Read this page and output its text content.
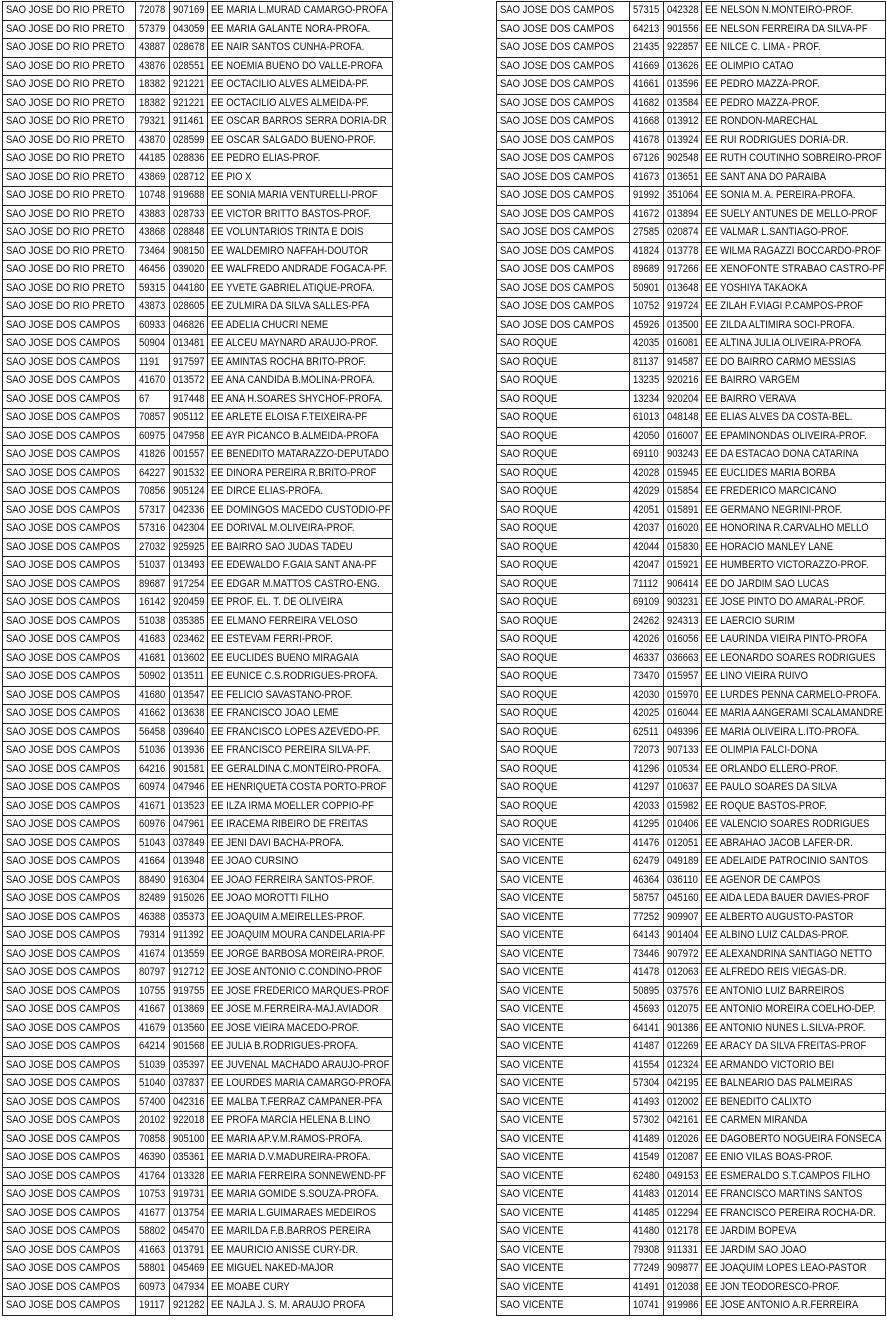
SAO JOSE DO RIO PRETO	72078	907169	EE MARIA L.MURAD CAMARGO-PROFA
SAO JOSE DO RIO PRETO	57379	043059	EE MARIA GALANTE NORA-PROFA.
SAO JOSE DO RIO PRETO	43887	028678	EE NAIR SANTOS CUNHA-PROFA.
SAO JOSE DO RIO PRETO	43876	028551	EE NOEMIA BUENO DO VALLE-PROFA
SAO JOSE DO RIO PRETO	18382	921221	EE OCTACILIO ALVES ALMEIDA-PF.
SAO JOSE DO RIO PRETO	18382	921221	EE OCTACILIO ALVES ALMEIDA-PF.
SAO JOSE DO RIO PRETO	79321	911461	EE OSCAR BARROS SERRA DORIA-DR
SAO JOSE DO RIO PRETO	43870	028599	EE OSCAR SALGADO BUENO-PROF.
SAO JOSE DO RIO PRETO	44185	028836	EE PEDRO ELIAS-PROF.
SAO JOSE DO RIO PRETO	43869	028712	EE PIO X
SAO JOSE DO RIO PRETO	10748	919688	EE SONIA MARIA VENTURELLI-PROF
SAO JOSE DO RIO PRETO	43883	028733	EE VICTOR BRITTO BASTOS-PROF.
SAO JOSE DO RIO PRETO	43868	028848	EE VOLUNTARIOS TRINTA E DOIS
SAO JOSE DO RIO PRETO	73464	908150	EE WALDEMIRO NAFFAH-DOUTOR
SAO JOSE DO RIO PRETO	46456	039020	EE WALFREDO ANDRADE FOGACA-PF.
SAO JOSE DO RIO PRETO	59315	044180	EE YVETE GABRIEL ATIQUE-PROFA.
SAO JOSE DO RIO PRETO	43873	028605	EE ZULMIRA DA SILVA SALLES-PFA
SAO JOSE DOS CAMPOS	60933	046826	EE ADELIA CHUCRI NEME
SAO JOSE DOS CAMPOS	50904	013481	EE ALCEU MAYNARD ARAUJO-PROF.
SAO JOSE DOS CAMPOS	1191	917597	EE AMINTAS ROCHA BRITO-PROF.
SAO JOSE DOS CAMPOS	41670	013572	EE ANA CANDIDA B.MOLINA-PROFA.
SAO JOSE DOS CAMPOS	67	917448	EE ANA H.SOARES SHYCHOF-PROFA.
SAO JOSE DOS CAMPOS	70857	905112	EE ARLETE ELOISA F.TEIXEIRA-PF
SAO JOSE DOS CAMPOS	60975	047958	EE AYR PICANCO B.ALMEIDA-PROFA
SAO JOSE DOS CAMPOS	41826	001557	EE BENEDITO MATARAZZO-DEPUTADO
SAO JOSE DOS CAMPOS	64227	901532	EE DINORA PEREIRA R.BRITO-PROF
SAO JOSE DOS CAMPOS	70856	905124	EE DIRCE ELIAS-PROFA.
SAO JOSE DOS CAMPOS	57317	042336	EE DOMINGOS MACEDO CUSTODIO-PF
SAO JOSE DOS CAMPOS	57316	042304	EE DORIVAL M.OLIVEIRA-PROF.
SAO JOSE DOS CAMPOS	27032	925925	EE BAIRRO SAO JUDAS TADEU
SAO JOSE DOS CAMPOS	51037	013493	EE EDEWALDO F.GAIA SANT ANA-PF
SAO JOSE DOS CAMPOS	89687	917254	EE EDGAR M.MATTOS CASTRO-ENG.
SAO JOSE DOS CAMPOS	16142	920459	EE PROF. EL. T. DE OLIVEIRA
SAO JOSE DOS CAMPOS	51038	035385	EE ELMANO FERREIRA VELOSO
SAO JOSE DOS CAMPOS	41683	023462	EE ESTEVAM FERRI-PROF.
SAO JOSE DOS CAMPOS	41681	013602	EE EUCLIDES BUENO MIRAGAIA
SAO JOSE DOS CAMPOS	50902	013511	EE EUNICE C.S.RODRIGUES-PROFA.
SAO JOSE DOS CAMPOS	41680	013547	EE FELICIO SAVASTANO-PROF.
SAO JOSE DOS CAMPOS	41662	013638	EE FRANCISCO JOAO LEME
SAO JOSE DOS CAMPOS	56458	039640	EE FRANCISCO LOPES AZEVEDO-PF.
SAO JOSE DOS CAMPOS	51036	013936	EE FRANCISCO PEREIRA SILVA-PF.
SAO JOSE DOS CAMPOS	64216	901581	EE GERALDINA C.MONTEIRO-PROFA.
SAO JOSE DOS CAMPOS	60974	047946	EE HENRIQUETA COSTA PORTO-PROF
SAO JOSE DOS CAMPOS	41671	013523	EE ILZA IRMA MOELLER COPPIO-PF
SAO JOSE DOS CAMPOS	60976	047961	EE IRACEMA RIBEIRO DE FREITAS
SAO JOSE DOS CAMPOS	51043	037849	EE JENI DAVI BACHA-PROFA.
SAO JOSE DOS CAMPOS	41664	013948	EE JOAO CURSINO
SAO JOSE DOS CAMPOS	88490	916304	EE JOAO FERREIRA SANTOS-PROF.
SAO JOSE DOS CAMPOS	82489	915026	EE JOAO MOROTTI FILHO
SAO JOSE DOS CAMPOS	46388	035373	EE JOAQUIM A.MEIRELLES-PROF.
SAO JOSE DOS CAMPOS	79314	911392	EE JOAQUIM MOURA CANDELARIA-PF
SAO JOSE DOS CAMPOS	41674	013559	EE JORGE BARBOSA MOREIRA-PROF.
SAO JOSE DOS CAMPOS	80797	912712	EE JOSE ANTONIO C.CONDINO-PROF
SAO JOSE DOS CAMPOS	10755	919755	EE JOSE FREDERICO MARQUES-PROF
SAO JOSE DOS CAMPOS	41667	013869	EE JOSE M.FERREIRA-MAJ.AVIADOR
SAO JOSE DOS CAMPOS	41679	013560	EE JOSE VIEIRA MACEDO-PROF.
SAO JOSE DOS CAMPOS	64214	901568	EE JULIA B.RODRIGUES-PROFA.
SAO JOSE DOS CAMPOS	51039	035397	EE JUVENAL MACHADO ARAUJO-PROF
SAO JOSE DOS CAMPOS	51040	037837	EE LOURDES MARIA CAMARGO-PROFA
SAO JOSE DOS CAMPOS	57400	042316	EE MALBA T.FERRAZ CAMPANER-PFA
SAO JOSE DOS CAMPOS	20102	922018	EE PROFA MARCIA HELENA B.LINO
SAO JOSE DOS CAMPOS	70858	905100	EE MARIA AP.V.M.RAMOS-PROFA.
SAO JOSE DOS CAMPOS	46390	035361	EE MARIA D.V.MADUREIRA-PROFA.
SAO JOSE DOS CAMPOS	41764	013328	EE MARIA FERREIRA SONNEWEND-PF
SAO JOSE DOS CAMPOS	10753	919731	EE MARIA GOMIDE S.SOUZA-PROFA.
SAO JOSE DOS CAMPOS	41677	013754	EE MARIA L.GUIMARAES MEDEIROS
SAO JOSE DOS CAMPOS	58802	045470	EE MARILDA F.B.BARROS PEREIRA
SAO JOSE DOS CAMPOS	41663	013791	EE MAURICIO ANISSE CURY-DR.
SAO JOSE DOS CAMPOS	58801	045469	EE MIGUEL NAKED-MAJOR
SAO JOSE DOS CAMPOS	60973	047934	EE MOABE CURY
SAO JOSE DOS CAMPOS	19117	921282	EE NAJLA J. S. M. ARAUJO PROFA
SAO JOSE DOS CAMPOS	57315	042328	EE NELSON N.MONTEIRO-PROF.
SAO JOSE DOS CAMPOS	64213	901556	EE NELSON FERREIRA DA SILVA-PF
SAO JOSE DOS CAMPOS	21435	922857	EE NILCE C. LIMA - PROF.
SAO JOSE DOS CAMPOS	41669	013626	EE OLIMPIO CATAO
SAO JOSE DOS CAMPOS	41661	013596	EE PEDRO MAZZA-PROF.
SAO JOSE DOS CAMPOS	41682	013584	EE PEDRO MAZZA-PROF.
SAO JOSE DOS CAMPOS	41668	013912	EE RONDON-MARECHAL
SAO JOSE DOS CAMPOS	41678	013924	EE RUI RODRIGUES DORIA-DR.
SAO JOSE DOS CAMPOS	67126	902548	EE RUTH COUTINHO SOBREIRO-PROF
SAO JOSE DOS CAMPOS	41673	013651	EE SANT ANA DO PARAIBA
SAO JOSE DOS CAMPOS	91992	351064	EE SONIA M. A. PEREIRA-PROFA.
SAO JOSE DOS CAMPOS	41672	013894	EE SUELY ANTUNES DE MELLO-PROF
SAO JOSE DOS CAMPOS	27585	020874	EE VALMAR L.SANTIAGO-PROF.
SAO JOSE DOS CAMPOS	41824	013778	EE WILMA RAGAZZI BOCCARDO-PROF
SAO JOSE DOS CAMPOS	89689	917266	EE XENOFONTE STRABAO CASTRO-PF
SAO JOSE DOS CAMPOS	50901	013648	EE YOSHIYA TAKAOKA
SAO JOSE DOS CAMPOS	10752	919724	EE ZILAH F.VIAGI P.CAMPOS-PROF
SAO JOSE DOS CAMPOS	45926	013500	EE ZILDA ALTIMIRA SOCI-PROFA.
SAO ROQUE	42035	016081	EE ALTINA JULIA OLIVEIRA-PROFA
SAO ROQUE	81137	914587	EE DO BAIRRO CARMO MESSIAS
SAO ROQUE	13235	920216	EE BAIRRO VARGEM
SAO ROQUE	13234	920204	EE BAIRRO VERAVA
SAO ROQUE	61013	048148	EE ELIAS ALVES DA COSTA-BEL.
SAO ROQUE	42050	016007	EE EPAMINONDAS OLIVEIRA-PROF.
SAO ROQUE	69110	903243	EE DA ESTACAO DONA CATARINA
SAO ROQUE	42028	015945	EE EUCLIDES MARIA BORBA
SAO ROQUE	42029	015854	EE FREDERICO MARCICANO
SAO ROQUE	42051	015891	EE GERMANO NEGRINI-PROF.
SAO ROQUE	42037	016020	EE HONORINA R.CARVALHO MELLO
SAO ROQUE	42044	015830	EE HORACIO MANLEY LANE
SAO ROQUE	42047	015921	EE HUMBERTO VICTORAZZO-PROF.
SAO ROQUE	71112	906414	EE DO JARDIM SAO LUCAS
SAO ROQUE	69109	903231	EE JOSE PINTO DO AMARAL-PROF.
SAO ROQUE	24262	924313	EE LAERCIO SURIM
SAO ROQUE	42026	016056	EE LAURINDA VIEIRA PINTO-PROFA
SAO ROQUE	46337	036663	EE LEONARDO SOARES RODRIGUES
SAO ROQUE	73470	015957	EE LINO VIEIRA RUIVO
SAO ROQUE	42030	015970	EE LURDES PENNA CARMELO-PROFA.
SAO ROQUE	42025	016044	EE MARIA AANGERAMI SCALAMANDRE
SAO ROQUE	62511	049396	EE MARIA OLIVEIRA L.ITO-PROFA.
SAO ROQUE	72073	907133	EE OLIMPIA FALCI-DONA
SAO ROQUE	41296	010534	EE ORLANDO ELLERO-PROF.
SAO ROQUE	41297	010637	EE PAULO SOARES DA SILVA
SAO ROQUE	42033	015982	EE ROQUE BASTOS-PROF.
SAO ROQUE	41295	010406	EE VALENCIO SOARES RODRIGUES
SAO VICENTE	41476	012051	EE ABRAHAO JACOB LAFER-DR.
SAO VICENTE	62479	049189	EE ADELAIDE PATROCINIO SANTOS
SAO VICENTE	46364	036110	EE AGENOR DE CAMPOS
SAO VICENTE	58757	045160	EE AIDA LEDA BAUER DAVIES-PROF
SAO VICENTE	77252	909907	EE ALBERTO AUGUSTO-PASTOR
SAO VICENTE	64143	901404	EE ALBINO LUIZ CALDAS-PROF.
SAO VICENTE	73446	907972	EE ALEXANDRINA SANTIAGO NETTO
SAO VICENTE	41478	012063	EE ALFREDO REIS VIEGAS-DR.
SAO VICENTE	50895	037576	EE ANTONIO LUIZ BARREIROS
SAO VICENTE	45693	012075	EE ANTONIO MOREIRA COELHO-DEP.
SAO VICENTE	64141	901386	EE ANTONIO NUNES L.SILVA-PROF.
SAO VICENTE	41487	012269	EE ARACY DA SILVA FREITAS-PROF
SAO VICENTE	41554	012324	EE ARMANDO VICTORIO BEI
SAO VICENTE	57304	042195	EE BALNEARIO DAS PALMEIRAS
SAO VICENTE	41493	012002	EE BENEDITO CALIXTO
SAO VICENTE	57302	042161	EE CARMEN MIRANDA
SAO VICENTE	41489	012026	EE DAGOBERTO NOGUEIRA FONSECA
SAO VICENTE	41549	012087	EE ENIO VILAS BOAS-PROF.
SAO VICENTE	62480	049153	EE ESMERALDO S.T.CAMPOS FILHO
SAO VICENTE	41483	012014	EE FRANCISCO MARTINS SANTOS
SAO VICENTE	41485	012294	EE FRANCISCO PEREIRA ROCHA-DR.
SAO VICENTE	41480	012178	EE JARDIM BOPEVA
SAO VICENTE	79308	911331	EE JARDIM SAO JOAO
SAO VICENTE	77249	909877	EE JOAQUIM LOPES LEAO-PASTOR
SAO VICENTE	41491	012038	EE JON TEODORESCO-PROF.
SAO VICENTE	10741	919986	EE JOSE ANTONIO A.R.FERREIRA
